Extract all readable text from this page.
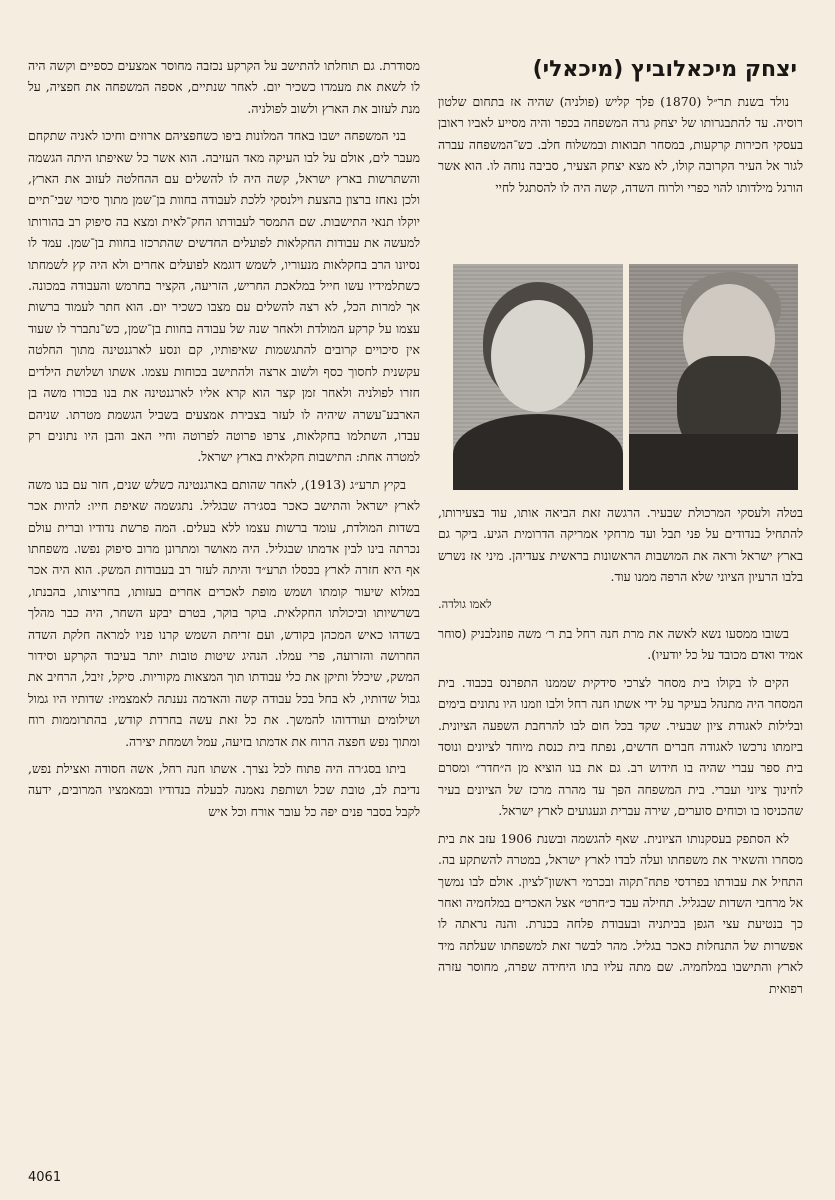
יצחק מיכאלוביץ (מיכאלי)

נולד בשנת תר״ל (1870) פלך קליש (פולניה) שהיה אז בתחום שלטון רוסיה. עד להתבגרותו של יצחק גרה המשפחה בכפר והיה מסייע לאביו ראובן בעסקי חכירות קרקעות, במסחר תבואות ובמשלוח חלב. כש־המשפחה עברה לגור אל העיר הקרובה קולו, לא מצא יצחק הצעיר, סביבה נוחה לו. הוא אשר הורגל מילדותו להוי כפרי ולרוח השדה, קשה היה לו להסתגל לחיי

בטלה ולעסקי המרכולת שבעיר. הרגשה זאת הביאה אותו, עוד בצעירותו, להתחיל בנדודים על פני תבל ועד מרחקי אמריקה הדרומית הגיע. ביקר גם בארץ ישראל וראה את המושבות הראשונות בראשית צעדיהן. מיני אז נשרש בלבו הרעיון הציוני שלא הרפה ממנו עוד.

לאמו גולדה.

בשובו ממסעו נשא לאשה את מרת חנה רחל בת ר׳ משה פוזנלבניק (סוחר אמיד ואדם מכובד על כל יודעיו).

הקים לו בקולו בית מסחר לצרכי סידקית שממנו התפרנס בכבוד. בית המסחר היה מתנהל בעיקר על ידי אשתו חנה רחל ולבו וזמנו היו נתונים בימים ובלילות לאגודת ציון שבעיר. שקד בכל חום לבו להרחבת השפעה הציונית. ביזמתו נרכשו לאגודה חברים חדשים, נפתח בית כנסת מיוחד לציונים ונוסד בית ספר עברי שהיה בו חידוש רב. גם את בנו הוציא מן ה״חדר״ ומסרם לחינוך ציוני ועברי. בית המשפחה הפך עד מהרה מרכז של הציונים בעיר שהכניסו בו וכוחים סוערים, שירה עברית וגעגועים לארץ ישראל.

לא הסתפק בעסקנותו הציונית. שאף להגשמה ובשנת 1906 עזב את בית מסחרו והשאיר את משפחתו ועלה לבדו לארץ ישראל, במטרה להשתקע בה. התחיל את עבודתו בפרדסי פתח־תקוה ובכרמי ראשון־לציון. אולם לבו נמשך אל מרחבי השדות שבגליל. תחילה עבד כ״חרט״ אצל האכרים במלחמיה ואחר כך בנטיעת עצי הגפן בביתניה ובעבודת פלחה בכנרת. והנה נראתה לו אפשרות של התנחלות כאכר בגליל. מהר לבשר זאת למשפחתו שעלתה מיד לארץ והתישבו במלחמיה. שם מתה עליו בתו היחידה שפרה, מחוסר עזרה רפואית

מסודרת. גם תוחלתו להתישב על הקרקע נכזבה מחוסר אמצעים כספיים וקשה היה לו לשאת את מעמדו כשכיר יום. לאחר שנתיים, אספה המשפחה את חפציה, על מנת לעזוב את הארץ ולשוב לפולניה.

בני המשפחה ישבו באחד המלונות ביפו כשחפציהם ארוזים וחיכו לאניה שתקחם מעבר לים, אולם על לבו העיקה מאד העזיבה. הוא אשר כל שאיפתו היתה הגשמה והשתרשות בארץ ישראל, קשה היה לו להשלים עם ההחלטה לעזוב את הארץ, ולכן נאחז ברצון בהצעת וילנסקי ללכת לעבודה בחוות בן־שמן מתוך סיכוי שבי־תיים יוקלו תנאי התישבות. שם התמסר לעבודתו החק־לאית ומצא בה סיפוק רב בהורותו למעשה את עבודות החקלאות לפועלים החדשים שהתרכזו בחוות בן־שמן. עמד לו נסיונו הרב בחקלאות מנעוריו, לשמש דוגמא לפועלים אחרים ולא היה קץ לשמחתו כשתלמידיו עשו חייל במלאכת החריש, הזריעה, הקציר בחרמש והעבודה במכונה. אך למרות הכל, לא רצה להשלים עם מצבו כשכיר יום. הוא חתר לעמוד ברשות עצמו על קרקע המולדת ולאחר שנה של עבודה בחוות בן־שמן, כש־נתברר לו שעוד אין סיכויים קרובים להתגשמות שאיפותיו, קם ונסע לארגנטינה מתוך החלטה עקשנית לחסוך כסף ולשוב ארצה ולהתישב בכוחות עצמו. אשתו ושלושת הילדים חזרו לפולניה ולאחר זמן קצר הוא קרא אליו לארגנטינה את בנו בכורו משה בן הארבע־עשרה שיהיה לו לעזר בצבירת אמצעים בשביל הגשמת מטרתו. שניהם עבדו, השתלמו בחקלאות, צרפו פרוטה לפרוטה וחיי האב והבן היו נתונים רק למטרה אחת: התישבות חקלאית בארץ ישראל.

בקיץ תרע״ג (1913), לאחר שהותם בארגנטינה כשלש שנים, חזר עם בנו משה לארץ ישראל והתישב כאכר בסג׳רה שבגליל. נתגשמה שאיפת חייו: להיות אכר בשדות המולדת, עומד ברשות עצמו ללא בעלים. המה פרשת נדודיו וברית עולם נכרתה בינו לבין אדמתו שבגליל. היה מאושר ומתרונן מרוב סיפוק נפשו. משפחתו אף היא חזרה לארץ בכסלו תרע״ד והיתה לעזר רב בעבודות המשק. הוא היה אכר במלוא שיעור קומתו ושמש מופת לאכרים אחרים בעזותו, בחריצותו, בהבנתו, בשרשיותו וביכולתו החקלאית. בוקר בוקר, בטרם יבקע השחר, היה כבר מהלך בשדהו כאיש המכהן בקודש, ועם זריחת השמש קרנו פניו למראה חלקת השדה החרושה והזרועה, פרי עמלו. הנהיג שיטות טובות יותר בעיבוד הקרקע וסידור המשק, שיכלל ותיקן את כלי עבודתו תוך המצאות מקוריות. סיקל, זיבל, הרחיב את גבול שדותיו, לא בחל בכל עבודה קשה והאדמה נענתה לאמצמיו: שדותיו היו גמול ושילומים ועודדוהו להמשך. את כל זאת עשה בחרדת קודש, בהתרוממות רוח ומתוך נפש חפצה הרוח את אדמתו בזיעה, עמל ושמחת יצירה.

ביתו בסג׳רה היה פתוח לכל נצרך. אשתו חנה רחל, אשה חסודה ואצילת נפש, נדיבת לב, טובת שכל ושותפת נאמנה לבעלה בנדודיו ובמאמציו המרובים, ידעה לקבל בסבר פנים יפה כל עובר אורח וכל איש

4061
